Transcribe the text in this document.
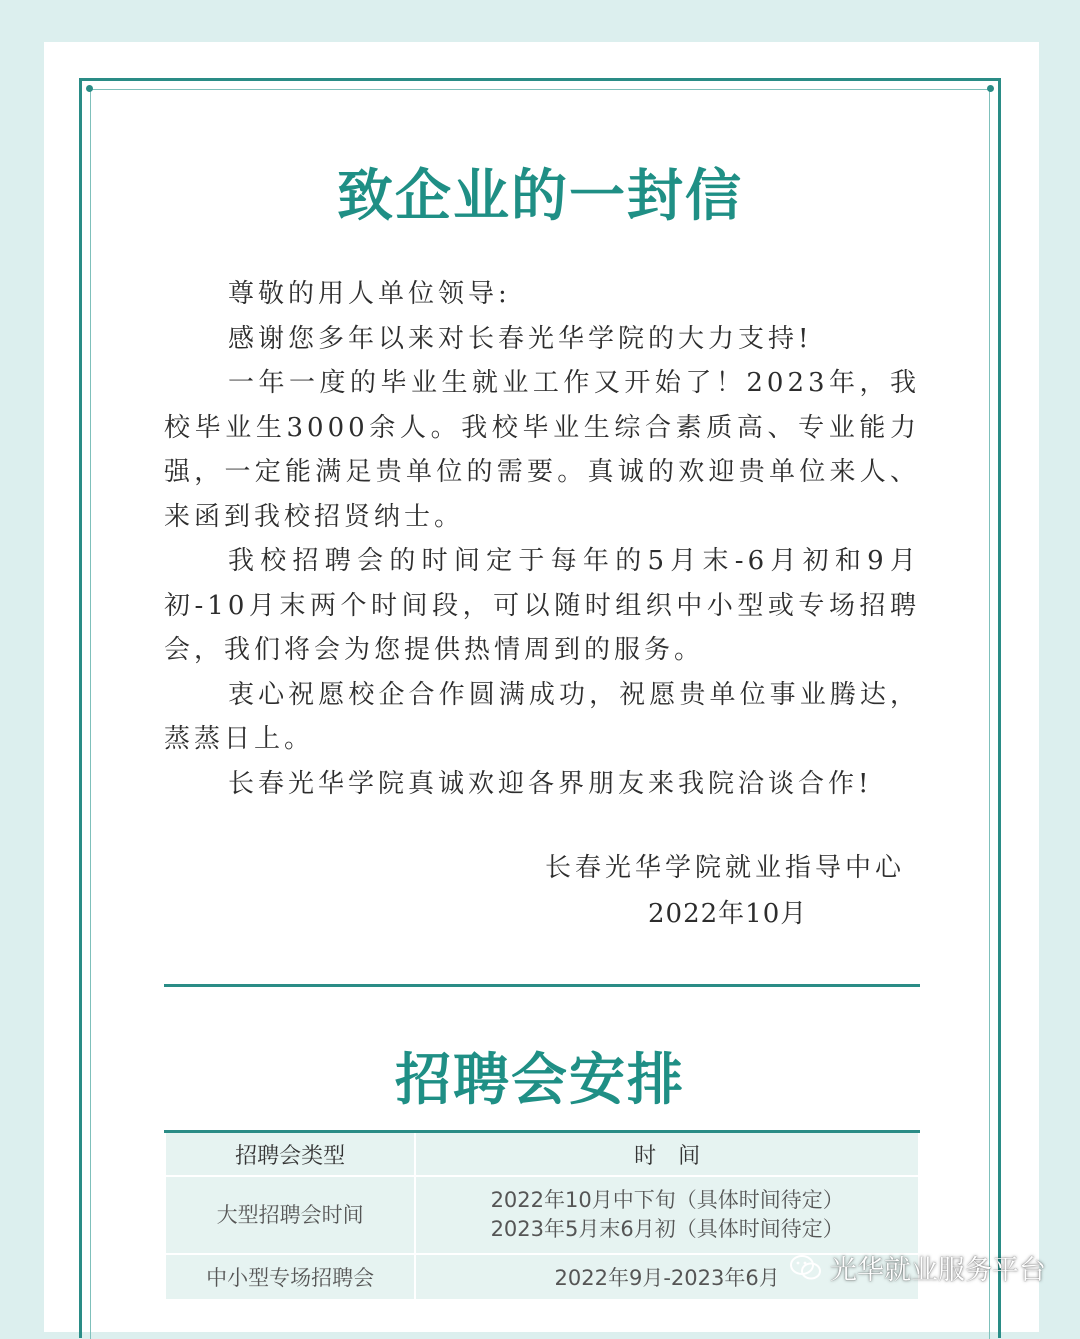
致企业的一封信

尊敬的用人单位领导:

感谢您多年以来对长春光华学院的大力支持!

一年一度的毕业生就业工作又开始了！2023年，我校毕业生3000余人。我校毕业生综合素质高、专业能力强，一定能满足贵单位的需要。真诚的欢迎贵单位来人、来函到我校招贤纳士。

我校招聘会的时间定于每年的5月末-6月初和9月初-10月末两个时间段，可以随时组织中小型或专场招聘会，我们将会为您提供热情周到的服务。

衷心祝愿校企合作圆满成功，祝愿贵单位事业腾达，蒸蒸日上。

长春光华学院真诚欢迎各界朋友来我院洽谈合作!

长春光华学院就业指导中心
2022年10月
招聘会安排
招聘会类型	时　间
大型招聘会时间	2022年10月中下旬（具体时间待定）
2023年5月末6月初（具体时间待定）

中小型专场招聘会	2022年9月-2023年6月 光华就业服务平台
